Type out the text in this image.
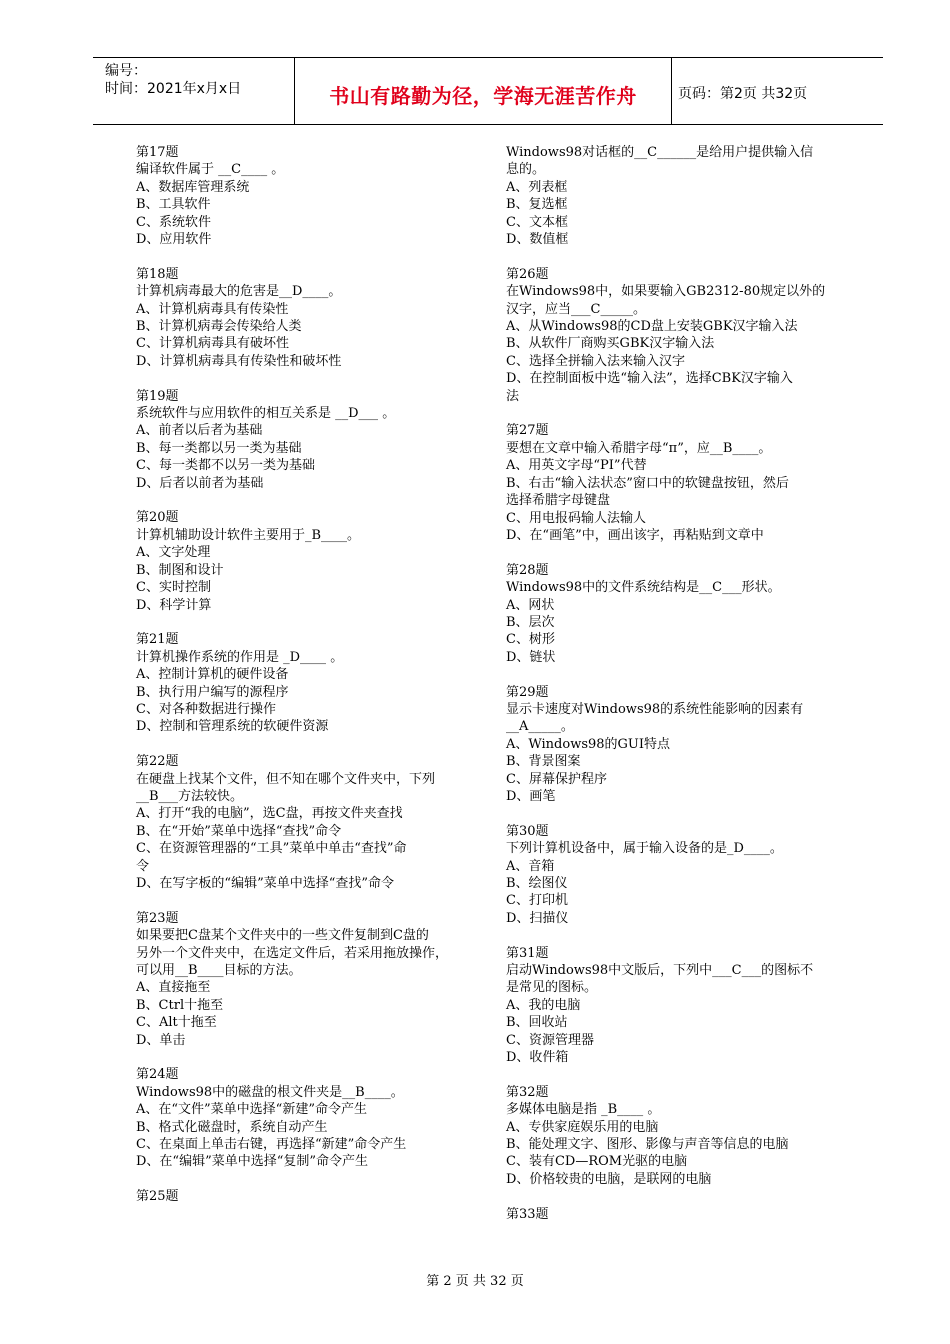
编号：
时间：2021年x月x日	书山有路勤为径，学海无涯苦作舟	页码：第2页 共32页
第17题
编译软件属于 __C____ 。
A、数据库管理系统
B、工具软件
C、系统软件
D、应用软件
第18题
计算机病毒最大的危害是__D____。
A、计算机病毒具有传染性
B、计算机病毒会传染给人类
C、计算机病毒具有破坏性
D、计算机病毒具有传染性和破坏性
第19题
系统软件与应用软件的相互关系是 __D___ 。
A、前者以后者为基础
B、每一类都以另一类为基础
C、每一类都不以另一类为基础
D、后者以前者为基础
第20题
计算机辅助设计软件主要用于_B____。
A、文字处理
B、制图和设计
C、实时控制
D、科学计算
第21题
计算机操作系统的作用是 _D____ 。
A、控制计算机的硬件设备
B、执行用户编写的源程序
C、对各种数据进行操作
D、控制和管理系统的软硬件资源
第22题
在硬盘上找某个文件，但不知在哪个文件夹中，下列
__B___方法较快。
A、打开“我的电脑”，选C盘，再按文件夹查找
B、在“开始”菜单中选择“查找”命令
C、在资源管理器的“工具”菜单中单击“查找”命
令
D、在写字板的“编辑”菜单中选择“查找”命令
第23题
如果要把C盘某个文件夹中的一些文件复制到C盘的
另外一个文件夹中，在选定文件后，若采用拖放操作，
可以用__B____目标的方法。
A、直接拖至
B、Ctrl十拖至
C、Alt十拖至
D、单击
第24题
Windows98中的磁盘的根文件夹是__B____。
A、在“文件”菜单中选择“新建”命令产生
B、格式化磁盘时，系统自动产生
C、在桌面上单击右键，再选择“新建”命令产生
D、在“编辑”菜单中选择“复制”命令产生
第25题
Windows98对话框的__C______是给用户提供输入信
息的。
A、列表框
B、复选框
C、文本框
D、数值框
第26题
在Windows98中，如果要输入GB2312-80规定以外的
汉字，应当___C_____。
A、从Windows98的CD盘上安装GBK汉字输入法
B、从软件厂商购买GBK汉字输入法
C、选择全拼输入法来输入汉字
D、在控制面板中选“输入法”，选择CBK汉字输入
法
第27题
要想在文章中输入希腊字母“π”，应__B____。
A、用英文字母“PI”代替
B、右击“输入法状态”窗口中的软键盘按钮，然后
选择希腊字母键盘
C、用电报码输人法输人
D、在“画笔”中，画出该字，再粘贴到文章中
第28题
Windows98中的文件系统结构是__C___形状。
A、网状
B、层次
C、树形
D、链状
第29题
显示卡速度对Windows98的系统性能影响的因素有
__A_____。
A、Windows98的GUI特点
B、背景图案
C、屏幕保护程序
D、画笔
第30题
下列计算机设备中，属于输入设备的是_D____。
A、音箱
B、绘图仪
C、打印机
D、扫描仪
第31题
启动Windows98中文版后，下列中___C___的图标不
是常见的图标。
A、我的电脑
B、回收站
C、资源管理器
D、收件箱
第32题
多媒体电脑是指 _B____ 。
A、专供家庭娱乐用的电脑
B、能处理文字、图形、影像与声音等信息的电脑
C、装有CD—ROM光驱的电脑
D、价格较贵的电脑，是联网的电脑
第33题
第 2 页 共 32 页
